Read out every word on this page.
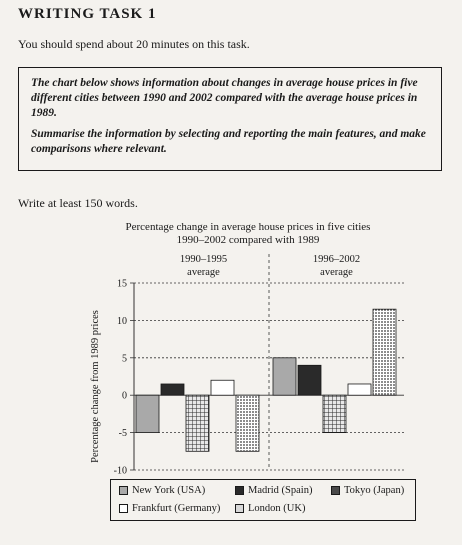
WRITING TASK 1
You should spend about 20 minutes on this task.

The chart below shows information about changes in average house prices in five different cities between 1990 and 2002 compared with the average house prices in 1989.

Summarise the information by selecting and reporting the main features, and make comparisons where relevant.

Write at least 150 words.
Percentage change in average house prices in five cities
1990–2002 compared with 1989
15
10
5
0
-5
-10
Percentage change from 1989 prices
1990–1995
average
1996–2002
average
New York (USA)	Madrid (Spain)	Tokyo (Japan)
Frankfurt (Germany)	London (UK)
